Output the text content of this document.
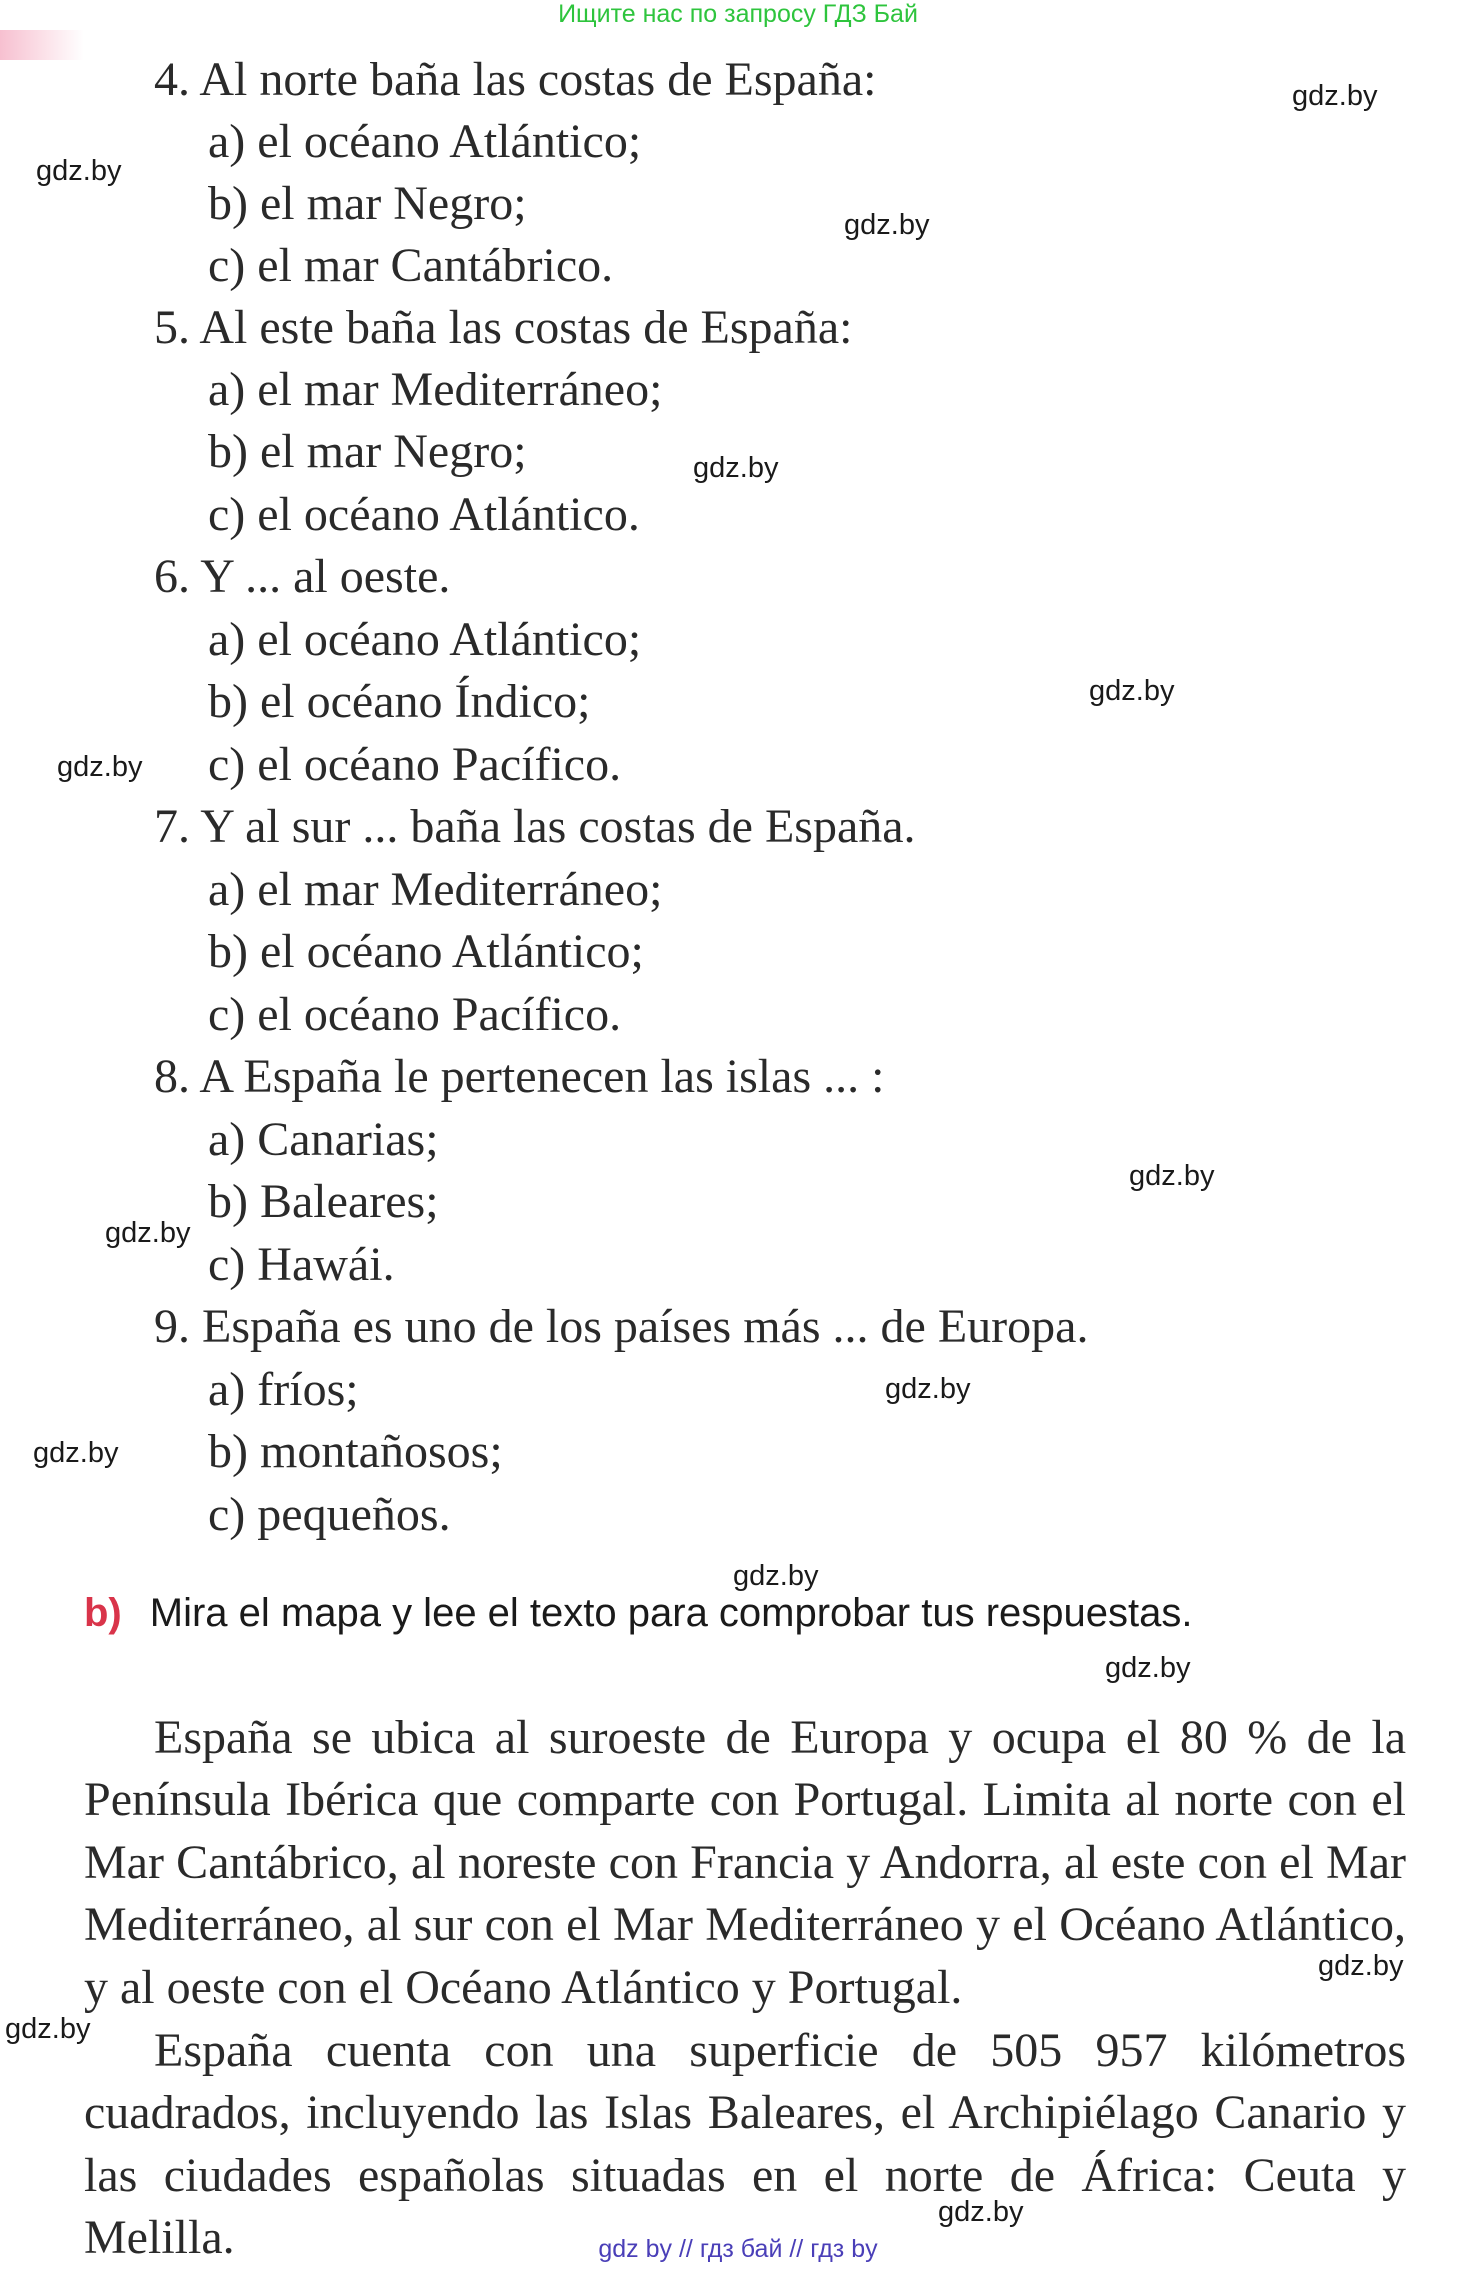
Ищите нас по запросу ГДЗ Бай
4. Al norte baña las costas de España:
a) el océano Atlántico;
b) el mar Negro;
c) el mar Cantábrico.
5. Al este baña las costas de España:
a) el mar Mediterráneo;
b) el mar Negro;
c) el océano Atlántico.
6. Y ... al oeste.
a) el océano Atlántico;
b) el océano Índico;
c) el océano Pacífico.
7. Y al sur ... baña las costas de España.
a) el mar Mediterráneo;
b) el océano Atlántico;
c) el océano Pacífico.
8. A España le pertenecen las islas ... :
a) Canarias;
b) Baleares;
c) Hawái.
9. España es uno de los países más ... de Europa.
a) fríos;
b) montañosos;
c) pequeños.
b) Mira el mapa y lee el texto para comprobar tus respuestas.

España se ubica al suroeste de Europa y ocupa el 80 % de la Península Ibérica que comparte con Portugal. Limita al norte con el Mar Cantábrico, al noreste con Francia y Andorra, al este con el Mar Mediterráneo, al sur con el Mar Mediterráneo y el Océano Atlántico, y al oeste con el Océano Atlántico y Portugal.

España cuenta con una superficie de 505 957 kilómetros cuadrados, incluyendo las Islas Baleares, el Archipiélago Canario y las ciudades españolas situadas en el norte de África: Ceuta y Melilla.

gdz.by
gdz.by
gdz.by
gdz.by
gdz.by
gdz.by
gdz.by
gdz.by
gdz.by
gdz.by
gdz.by
gdz.by
gdz.by
gdz.by
gdz.by
gdz by // гдз бай // гдз by
